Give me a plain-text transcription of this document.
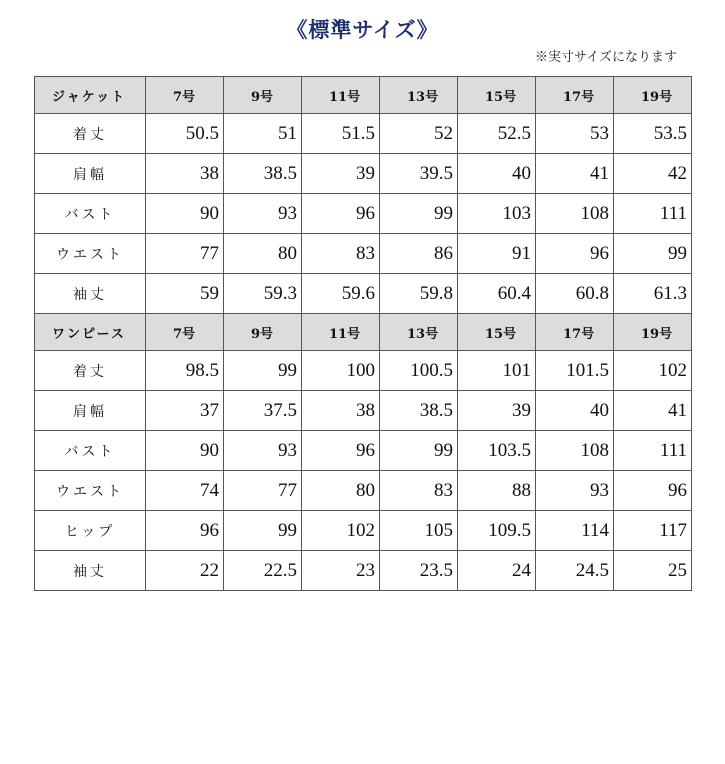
《標準サイズ》
※実寸サイズになります
ジャケット	7号	9号	11号	13号	15号	17号	19号
着丈	50.5	51	51.5	52	52.5	53	53.5
肩幅	38	38.5	39	39.5	40	41	42
バスト	90	93	96	99	103	108	111
ウエスト	77	80	83	86	91	96	99
袖丈	59	59.3	59.6	59.8	60.4	60.8	61.3
ワンピース	7号	9号	11号	13号	15号	17号	19号
着丈	98.5	99	100	100.5	101	101.5	102
肩幅	37	37.5	38	38.5	39	40	41
バスト	90	93	96	99	103.5	108	111
ウエスト	74	77	80	83	88	93	96
ヒップ	96	99	102	105	109.5	114	117
袖丈	22	22.5	23	23.5	24	24.5	25
